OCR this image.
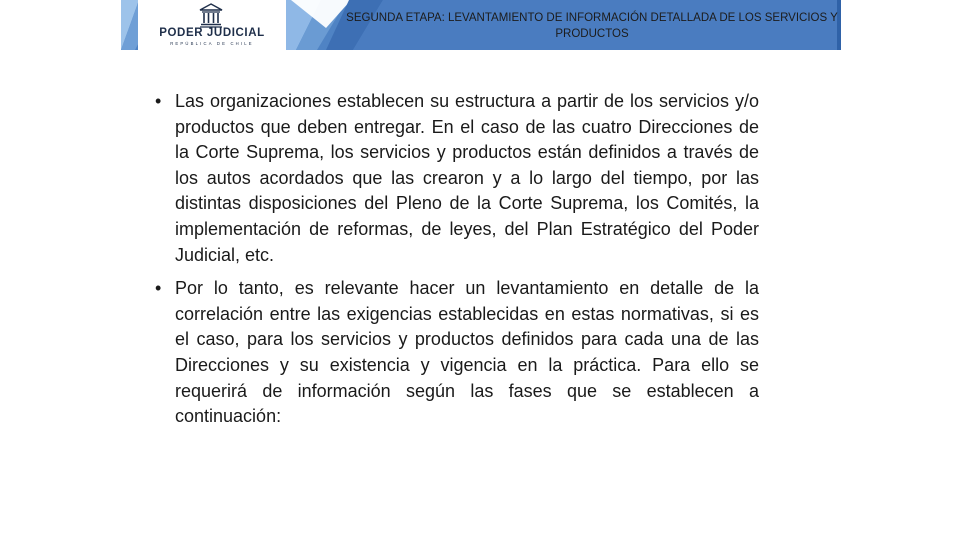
PODER JUDICIAL
REPÚBLICA DE CHILE
SEGUNDA ETAPA: LEVANTAMIENTO DE INFORMACIÓN DETALLADA DE LOS SERVICIOS Y PRODUCTOS

• Las organizaciones establecen su estructura a partir de los servicios y/o productos que deben entregar. En el caso de las cuatro Direcciones de la Corte Suprema, los servicios y productos están definidos a través de los autos acordados que las crearon y a lo largo del tiempo, por las distintas disposiciones del Pleno de la Corte Suprema, los Comités, la implementación de reformas, de leyes, del Plan Estratégico del Poder Judicial, etc.

• Por lo tanto, es relevante hacer un levantamiento en detalle de la correlación entre las exigencias establecidas en estas normativas, si es el caso, para los servicios y productos definidos para cada una de las Direcciones y su existencia y vigencia en la práctica. Para ello se requerirá de información según las fases que se establecen a continuación:
